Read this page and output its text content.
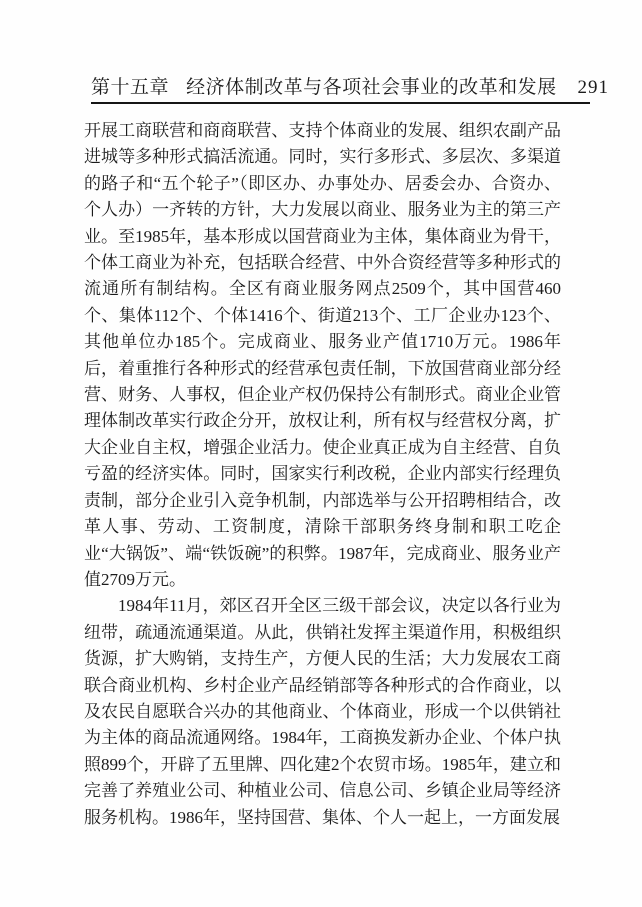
第十五章 经济体制改革与各项社会事业的改革和发展 291

开展工商联营和商商联营、支持个体商业的发展、组织农副产品进城等多种形式搞活流通。同时，实行多形式、多层次、多渠道的路子和“五个轮子”（即区办、办事处办、居委会办、合资办、个人办）一齐转的方针，大力发展以商业、服务业为主的第三产业。至1985年，基本形成以国营商业为主体，集体商业为骨干，个体工商业为补充，包括联合经营、中外合资经营等多种形式的流通所有制结构。全区有商业服务网点2509个，其中国营460个、集体112个、个体1416个、街道213个、工厂企业办123个、其他单位办185个。完成商业、服务业产值1710万元。1986年后，着重推行各种形式的经营承包责任制，下放国营商业部分经营、财务、人事权，但企业产权仍保持公有制形式。商业企业管理体制改革实行政企分开，放权让利，所有权与经营权分离，扩大企业自主权，增强企业活力。使企业真正成为自主经营、自负亏盈的经济实体。同时，国家实行利改税，企业内部实行经理负责制，部分企业引入竞争机制，内部选举与公开招聘相结合，改革人事、劳动、工资制度，清除干部职务终身制和职工吃企业“大锅饭”、端“铁饭碗”的积弊。1987年，完成商业、服务业产值2709万元。

1984年11月，郊区召开全区三级干部会议，决定以各行业为纽带，疏通流通渠道。从此，供销社发挥主渠道作用，积极组织货源，扩大购销，支持生产，方便人民的生活；大力发展农工商联合商业机构、乡村企业产品经销部等各种形式的合作商业，以及农民自愿联合兴办的其他商业、个体商业，形成一个以供销社为主体的商品流通网络。1984年，工商换发新办企业、个体户执照899个，开辟了五里牌、四化建2个农贸市场。1985年，建立和完善了养殖业公司、种植业公司、信息公司、乡镇企业局等经济服务机构。1986年，坚持国营、集体、个人一起上，一方面发展
